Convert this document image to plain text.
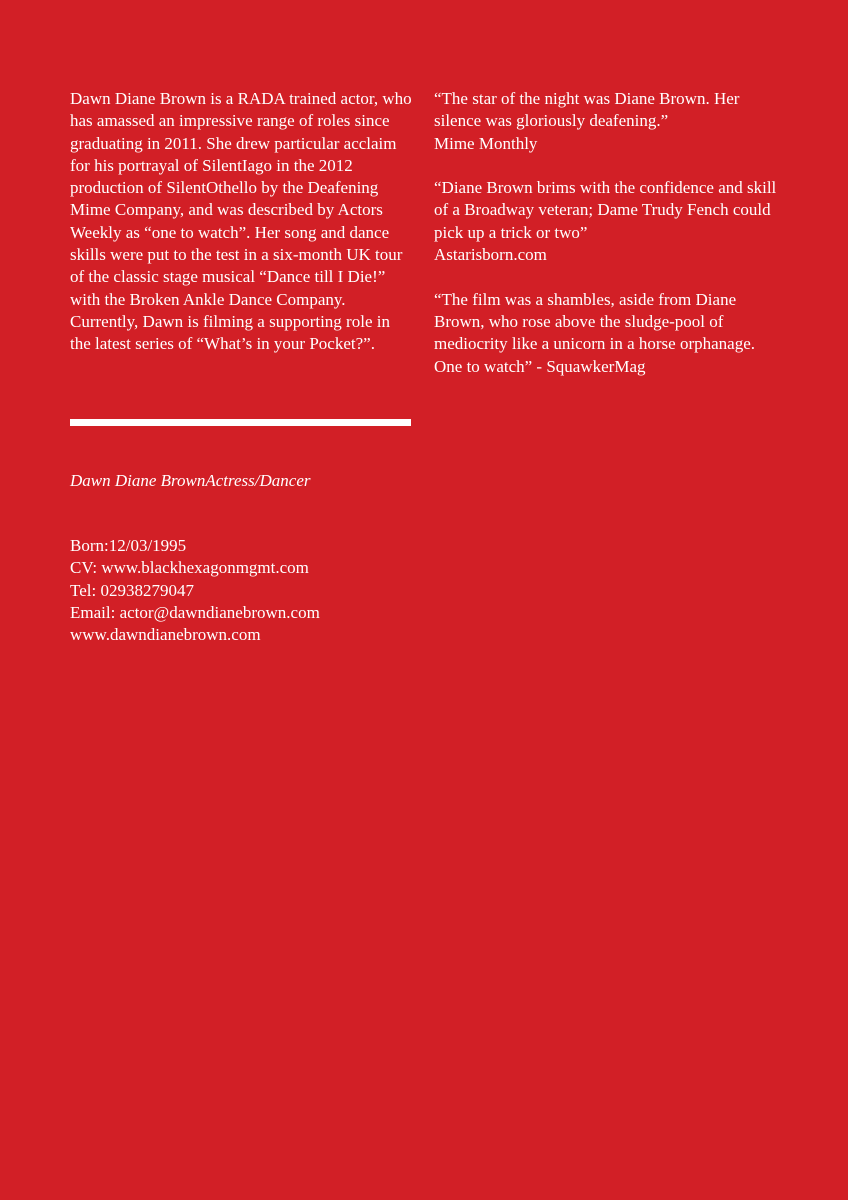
Dawn Diane Brown is a RADA trained actor, who has amassed an impressive range of roles since graduating in 2011. She drew particular acclaim for his portrayal of SilentIago in the 2012 production of SilentOthello by the Deafening Mime Company, and was described by Actors Weekly as “one to watch”. Her song and dance skills were put to the test in a six-month UK tour of the classic stage musical “Dance till I Die!” with the Broken Ankle Dance Company. Currently, Dawn is filming a supporting role in the latest series of “What’s in your Pocket?”.

“The star of the night was Diane Brown. Her silence was gloriously deafening.”
Mime Monthly
“Diane Brown brims with the confidence and skill of a Broadway veteran; Dame Trudy Fench could pick up a trick or two”
Astarisborn.com
“The film was a shambles, aside from Diane Brown, who rose above the sludge-pool of mediocrity like a unicorn in a horse orphanage. One to watch” - SquawkerMag
Dawn Diane BrownActress/Dancer
Born:12/03/1995
CV: www.blackhexagonmgmt.com
Tel: 02938279047
Email: actor@dawndianebrown.com
www.dawndianebrown.com
